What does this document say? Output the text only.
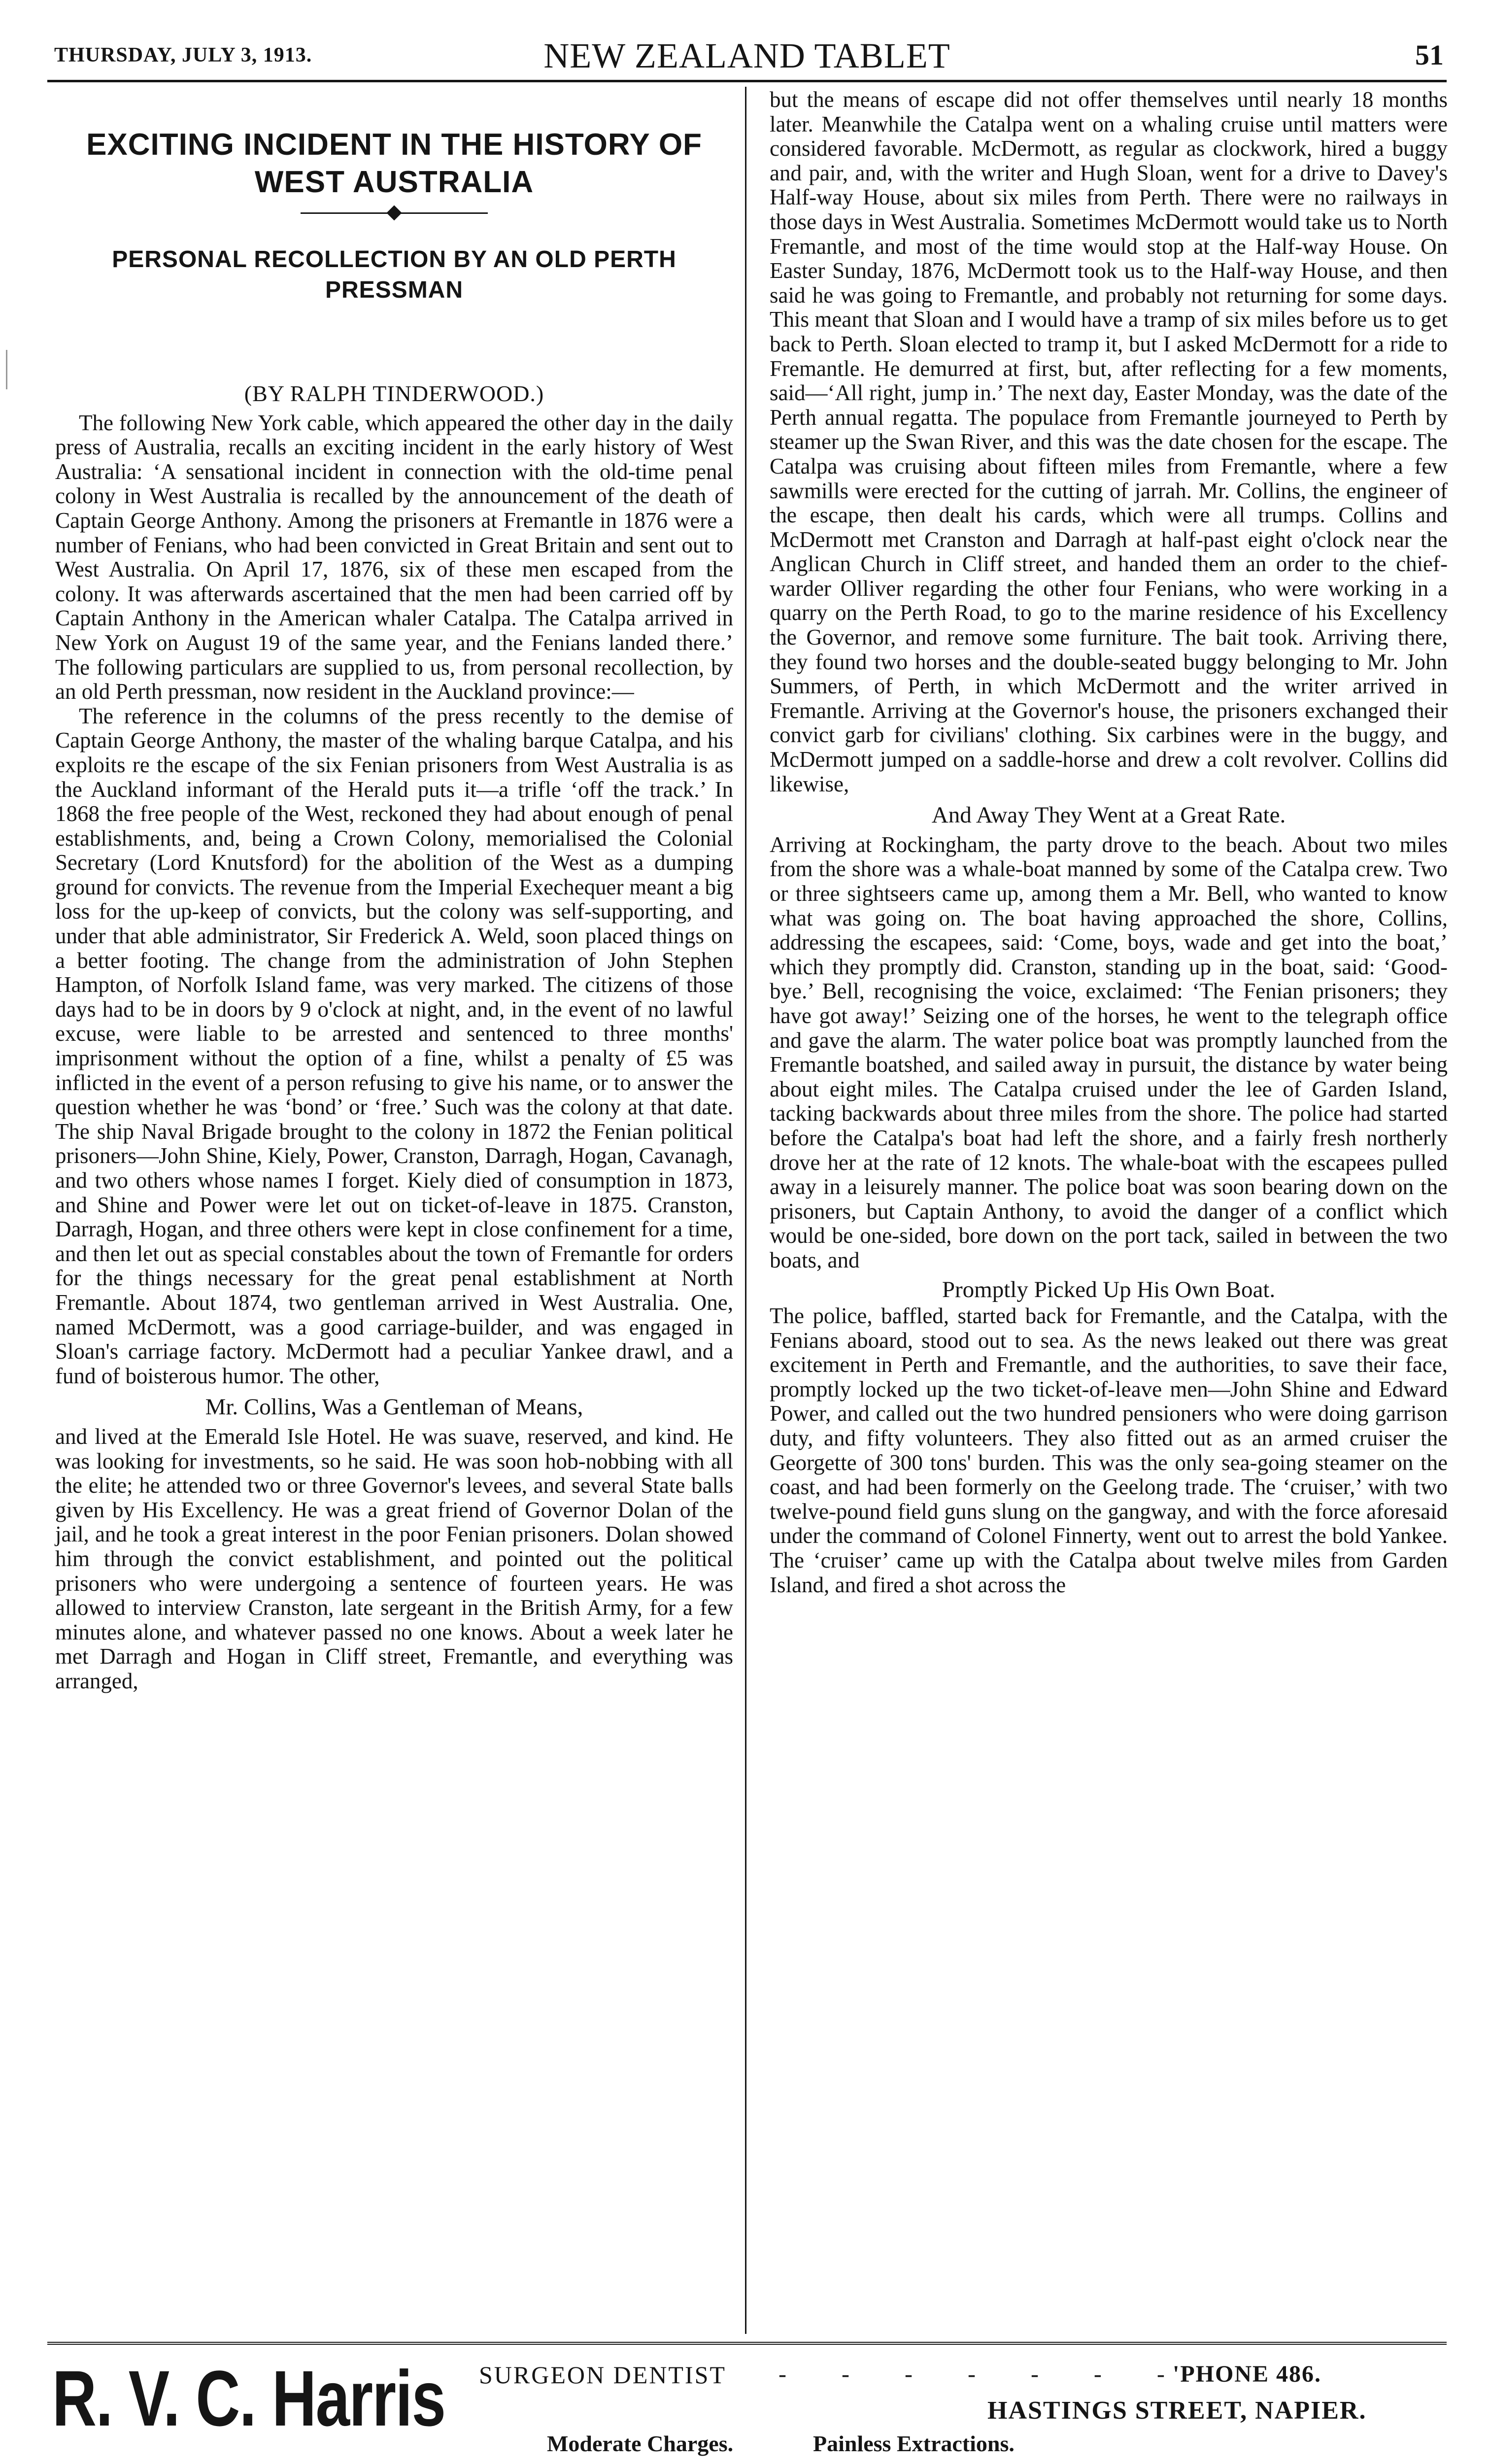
THURSDAY, JULY 3, 1913.	NEW ZEALAND TABLET	51
EXCITING INCIDENT IN THE HISTORY OF WEST AUSTRALIA
PERSONAL RECOLLECTION BY AN OLD PERTH PRESSMAN
(BY RALPH TINDERWOOD.)

The following New York cable, which appeared the other day in the daily press of Australia, recalls an exciting incident in the early history of West Australia: ‘A sensational incident in connection with the old-time penal colony in West Australia is recalled by the announcement of the death of Captain George Anthony. Among the prisoners at Fremantle in 1876 were a number of Fenians, who had been convicted in Great Britain and sent out to West Australia. On April 17, 1876, six of these men escaped from the colony. It was afterwards ascertained that the men had been carried off by Captain Anthony in the American whaler Catalpa. The Catalpa arrived in New York on August 19 of the same year, and the Fenians landed there.’ The following particulars are supplied to us, from personal recollection, by an old Perth pressman, now resident in the Auckland province:—

The reference in the columns of the press recently to the demise of Captain George Anthony, the master of the whaling barque Catalpa, and his exploits re the escape of the six Fenian prisoners from West Australia is as the Auckland informant of the Herald puts it—a trifle ‘off the track.’ In 1868 the free people of the West, reckoned they had about enough of penal establishments, and, being a Crown Colony, memorialised the Colonial Secretary (Lord Knutsford) for the abolition of the West as a dumping ground for convicts. The revenue from the Imperial Exechequer meant a big loss for the up-keep of convicts, but the colony was self-supporting, and under that able administrator, Sir Frederick A. Weld, soon placed things on a better footing. The change from the administration of John Stephen Hampton, of Norfolk Island fame, was very marked. The citizens of those days had to be in doors by 9 o'clock at night, and, in the event of no lawful excuse, were liable to be arrested and sentenced to three months' imprisonment without the option of a fine, whilst a penalty of £5 was inflicted in the event of a person refusing to give his name, or to answer the question whether he was ‘bond’ or ‘free.’ Such was the colony at that date. The ship Naval Brigade brought to the colony in 1872 the Fenian political prisoners—John Shine, Kiely, Power, Cranston, Darragh, Hogan, Cavanagh, and two others whose names I forget. Kiely died of consumption in 1873, and Shine and Power were let out on ticket-of-leave in 1875. Cranston, Darragh, Hogan, and three others were kept in close confinement for a time, and then let out as special constables about the town of Fremantle for orders for the things necessary for the great penal establishment at North Fremantle. About 1874, two gentleman arrived in West Australia. One, named McDermott, was a good carriage-builder, and was engaged in Sloan's carriage factory. McDermott had a peculiar Yankee drawl, and a fund of boisterous humor. The other,

Mr. Collins, Was a Gentleman of Means,

and lived at the Emerald Isle Hotel. He was suave, reserved, and kind. He was looking for investments, so he said. He was soon hob-nobbing with all the elite; he attended two or three Governor's levees, and several State balls given by His Excellency. He was a great friend of Governor Dolan of the jail, and he took a great interest in the poor Fenian prisoners. Dolan showed him through the convict establishment, and pointed out the political prisoners who were undergoing a sentence of fourteen years. He was allowed to interview Cranston, late sergeant in the British Army, for a few minutes alone, and whatever passed no one knows. About a week later he met Darragh and Hogan in Cliff street, Fremantle, and everything was arranged,

but the means of escape did not offer themselves until nearly 18 months later. Meanwhile the Catalpa went on a whaling cruise until matters were considered favorable. McDermott, as regular as clockwork, hired a buggy and pair, and, with the writer and Hugh Sloan, went for a drive to Davey's Half-way House, about six miles from Perth. There were no railways in those days in West Australia. Sometimes McDermott would take us to North Fremantle, and most of the time would stop at the Half-way House. On Easter Sunday, 1876, McDermott took us to the Half-way House, and then said he was going to Fremantle, and probably not returning for some days. This meant that Sloan and I would have a tramp of six miles before us to get back to Perth. Sloan elected to tramp it, but I asked McDermott for a ride to Fremantle. He demurred at first, but, after reflecting for a few moments, said—‘All right, jump in.’ The next day, Easter Monday, was the date of the Perth annual regatta. The populace from Fremantle journeyed to Perth by steamer up the Swan River, and this was the date chosen for the escape. The Catalpa was cruising about fifteen miles from Fremantle, where a few sawmills were erected for the cutting of jarrah. Mr. Collins, the engineer of the escape, then dealt his cards, which were all trumps. Collins and McDermott met Cranston and Darragh at half-past eight o'clock near the Anglican Church in Cliff street, and handed them an order to the chief-warder Olliver regarding the other four Fenians, who were working in a quarry on the Perth Road, to go to the marine residence of his Excellency the Governor, and remove some furniture. The bait took. Arriving there, they found two horses and the double-seated buggy belonging to Mr. John Summers, of Perth, in which McDermott and the writer arrived in Fremantle. Arriving at the Governor's house, the prisoners exchanged their convict garb for civilians' clothing. Six carbines were in the buggy, and McDermott jumped on a saddle-horse and drew a colt revolver. Collins did likewise,

And Away They Went at a Great Rate.

Arriving at Rockingham, the party drove to the beach. About two miles from the shore was a whale-boat manned by some of the Catalpa crew. Two or three sightseers came up, among them a Mr. Bell, who wanted to know what was going on. The boat having approached the shore, Collins, addressing the escapees, said: ‘Come, boys, wade and get into the boat,’ which they promptly did. Cranston, standing up in the boat, said: ‘Good-bye.’ Bell, recognising the voice, exclaimed: ‘The Fenian prisoners; they have got away!’ Seizing one of the horses, he went to the telegraph office and gave the alarm. The water police boat was promptly launched from the Fremantle boatshed, and sailed away in pursuit, the distance by water being about eight miles. The Catalpa cruised under the lee of Garden Island, tacking backwards about three miles from the shore. The police had started before the Catalpa's boat had left the shore, and a fairly fresh northerly drove her at the rate of 12 knots. The whale-boat with the escapees pulled away in a leisurely manner. The police boat was soon bearing down on the prisoners, but Captain Anthony, to avoid the danger of a conflict which would be one-sided, bore down on the port tack, sailed in between the two boats, and

Promptly Picked Up His Own Boat.

The police, baffled, started back for Fremantle, and the Catalpa, with the Fenians aboard, stood out to sea. As the news leaked out there was great excitement in Perth and Fremantle, and the authorities, to save their face, promptly locked up the two ticket-of-leave men—John Shine and Edward Power, and called out the two hundred pensioners who were doing garrison duty, and fifty volunteers. They also fitted out as an armed cruiser the Georgette of 300 tons' burden. This was the only sea-going steamer on the coast, and had been formerly on the Geelong trade. The ‘cruiser,’ with two twelve-pound field guns slung on the gangway, and with the force aforesaid under the command of Colonel Finnerty, went out to arrest the bold Yankee. The ‘cruiser’ came up with the Catalpa about twelve miles from Garden Island, and fired a shot across the

R. V. C. Harris SURGEON DENTIST - - - - - - -
'PHONE 486.
HASTINGS STREET, NAPIER.
Moderate Charges.	Painless Extractions.
